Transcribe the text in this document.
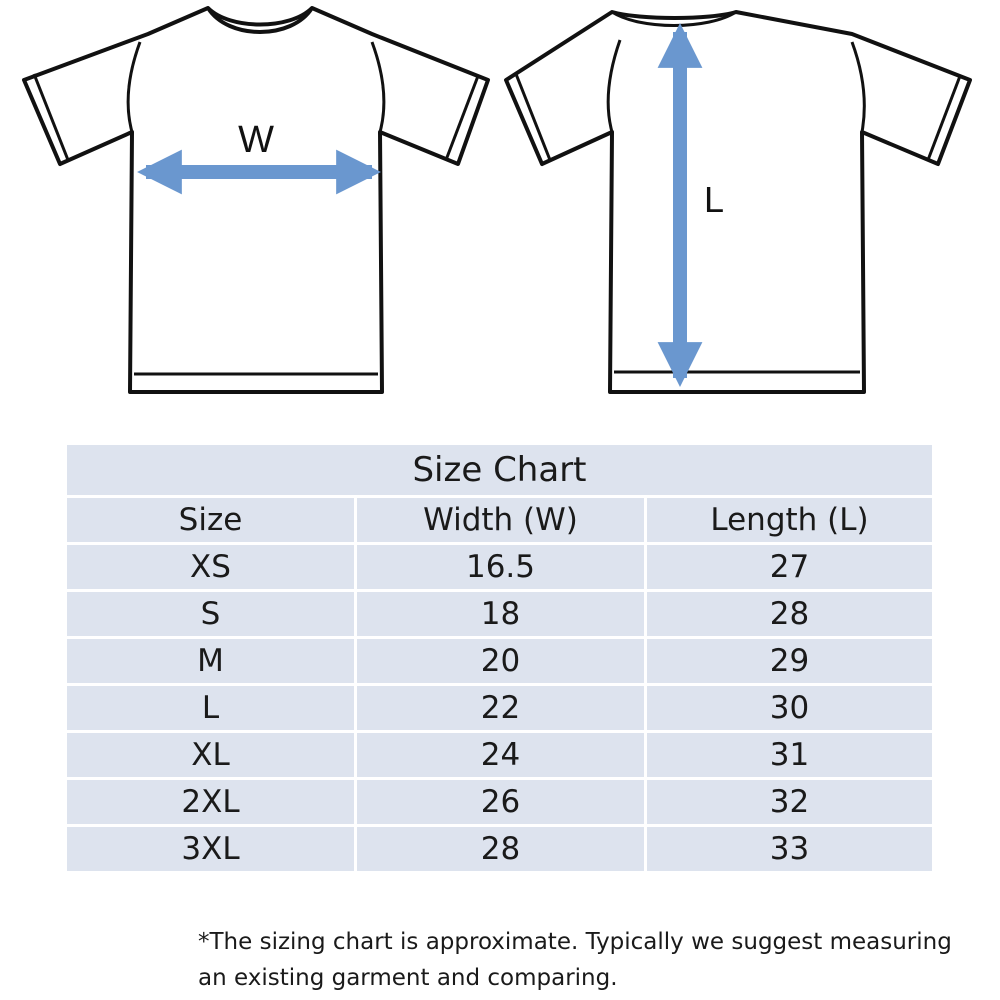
W
L
Size Chart		
Size	Width (W)	Length (L)
XS	16.5	27
S	18	28
M	20	29
L	22	30
XL	24	31
2XL	26	32
3XL	28	33

*The sizing chart is approximate. Typically we suggest measuring an existing garment and comparing.
